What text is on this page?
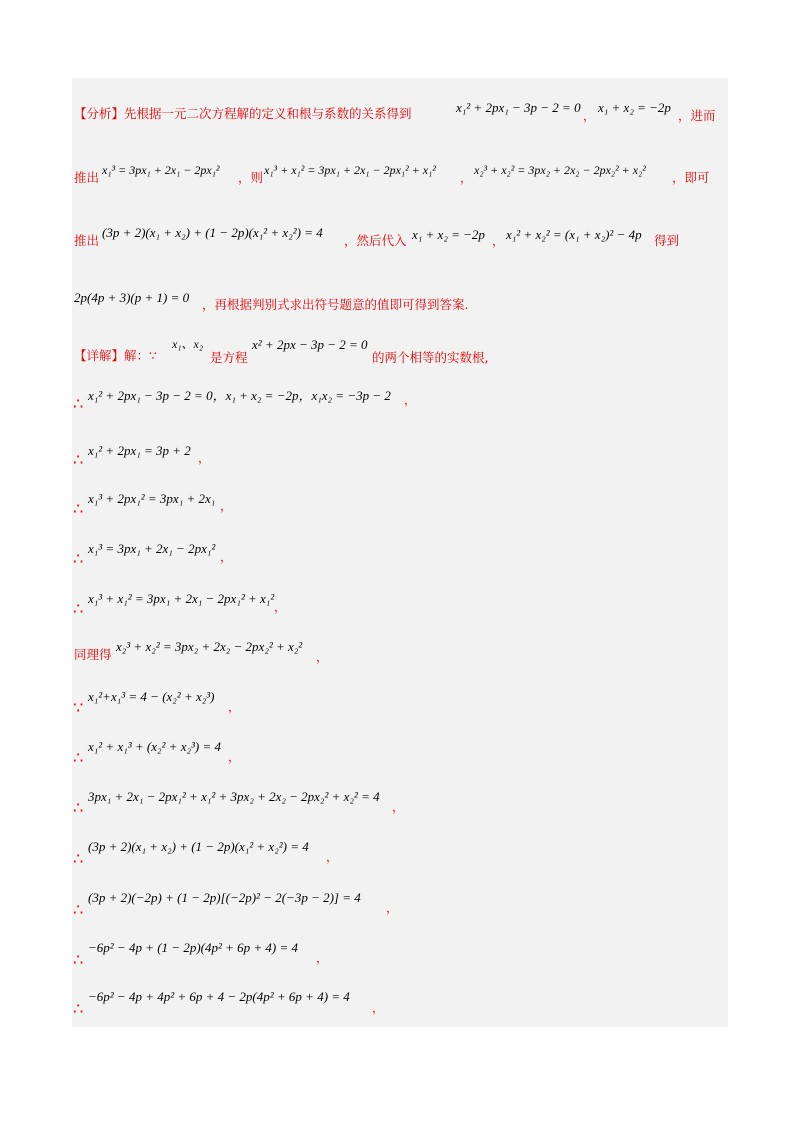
【分析】先根据一元二次方程解的定义和根与系数的关系得到	x₁² + 2px₁ − 3p − 2 = 0
，
x₁ + x₂ = −2p
，进而
推出 x₁³ = 3px₁ + 2x₁ − 2px₁² ，则 x₁³ + x₁² = 3px₁ + 2x₁ − 2px₁² + x₁²
，
x₂³ + x₂² = 3px₂ + 2x₂ − 2px₂² + x₂² ，即可
推出
(3p + 2)(x₁ + x₂) + (1 − 2p)(x₁² + x₂²) = 4
，然后代入 x₁ + x₂ = −2p ， x₁² + x₂² = (x₁ + x₂)² − 4p 得到
2p(4p + 3)(p + 1) = 0 ，再根据判别式求出符号题意的值即可得到答案.
【详解】解：∵
x₁、x₂
是方程
x² + 2px − 3p − 2 = 0
的两个相等的实数根,
∴ x₁² + 2px₁ − 3p − 2 = 0，x₁ + x₂ = −2p，x₁x₂ = −3p − 2 ，
∴ x₁² + 2px₁ = 3p + 2 ，
∴
x₁³ + 2px₁² = 3px₁ + 2x₁ ，
∴
x₁³ = 3px₁ + 2x₁ − 2px₁²
，
∴
x₁³ + x₁² = 3px₁ + 2x₁ − 2px₁² + x₁²
，
同理得
x₂³ + x₂² = 3px₂ + 2x₂ − 2px₂² + x₂²
，
∵
x₁²+x₁³ = 4 − (x₂² + x₂³)
，
∴
x₁² + x₁³ + (x₂² + x₂³) = 4
，
∴
3px₁ + 2x₁ − 2px₁² + x₁² + 3px₂ + 2x₂ − 2px₂² + x₂² = 4
，
∴
(3p + 2)(x₁ + x₂) + (1 − 2p)(x₁² + x₂²) = 4
，
∴
(3p + 2)(−2p) + (1 − 2p)[(−2p)² − 2(−3p − 2)] = 4
，
∴
−6p² − 4p + (1 − 2p)(4p² + 6p + 4) = 4
，
∴
−6p² − 4p + 4p² + 6p + 4 − 2p(4p² + 6p + 4) = 4
，
